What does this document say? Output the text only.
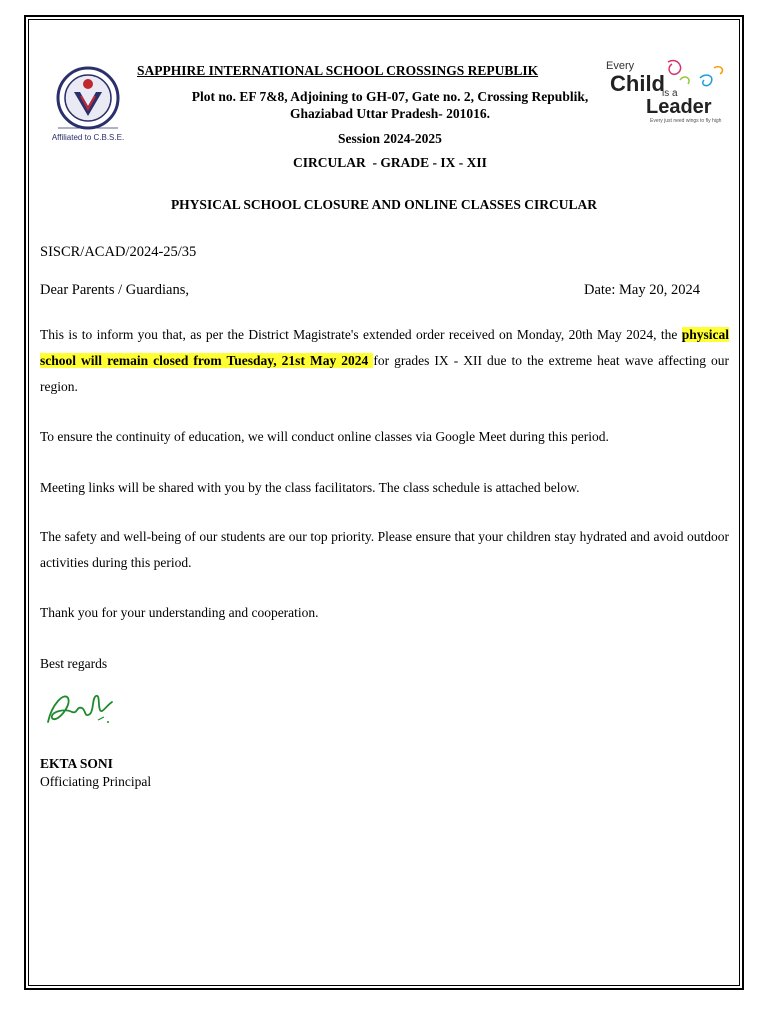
Affiliated to C.B.S.E.
Every
Child
is a
Leader
Every just need wings to fly high
SAPPHIRE INTERNATIONAL SCHOOL CROSSINGS REPUBLIK
Plot no. EF 7&8, Adjoining to GH-07, Gate no. 2, Crossing Republik, Ghaziabad Uttar Pradesh- 201016.
Session 2024-2025
CIRCULAR  - GRADE - IX - XII
PHYSICAL SCHOOL CLOSURE AND ONLINE CLASSES CIRCULAR
SISCR/ACAD/2024-25/35
Dear Parents / Guardians,	Date: May 20, 2024
This is to inform you that, as per the District Magistrate's extended order received on Monday, 20th May 2024, the physical school will remain closed from Tuesday, 21st May 2024 for grades IX - XII due to the extreme heat wave affecting our region.
To ensure the continuity of education, we will conduct online classes via Google Meet during this period.
Meeting links will be shared with you by the class facilitators. The class schedule is attached below.
The safety and well-being of our students are our top priority. Please ensure that your children stay hydrated and avoid outdoor activities during this period.
Thank you for your understanding and cooperation.
Best regards
EKTA SONI
Officiating Principal
